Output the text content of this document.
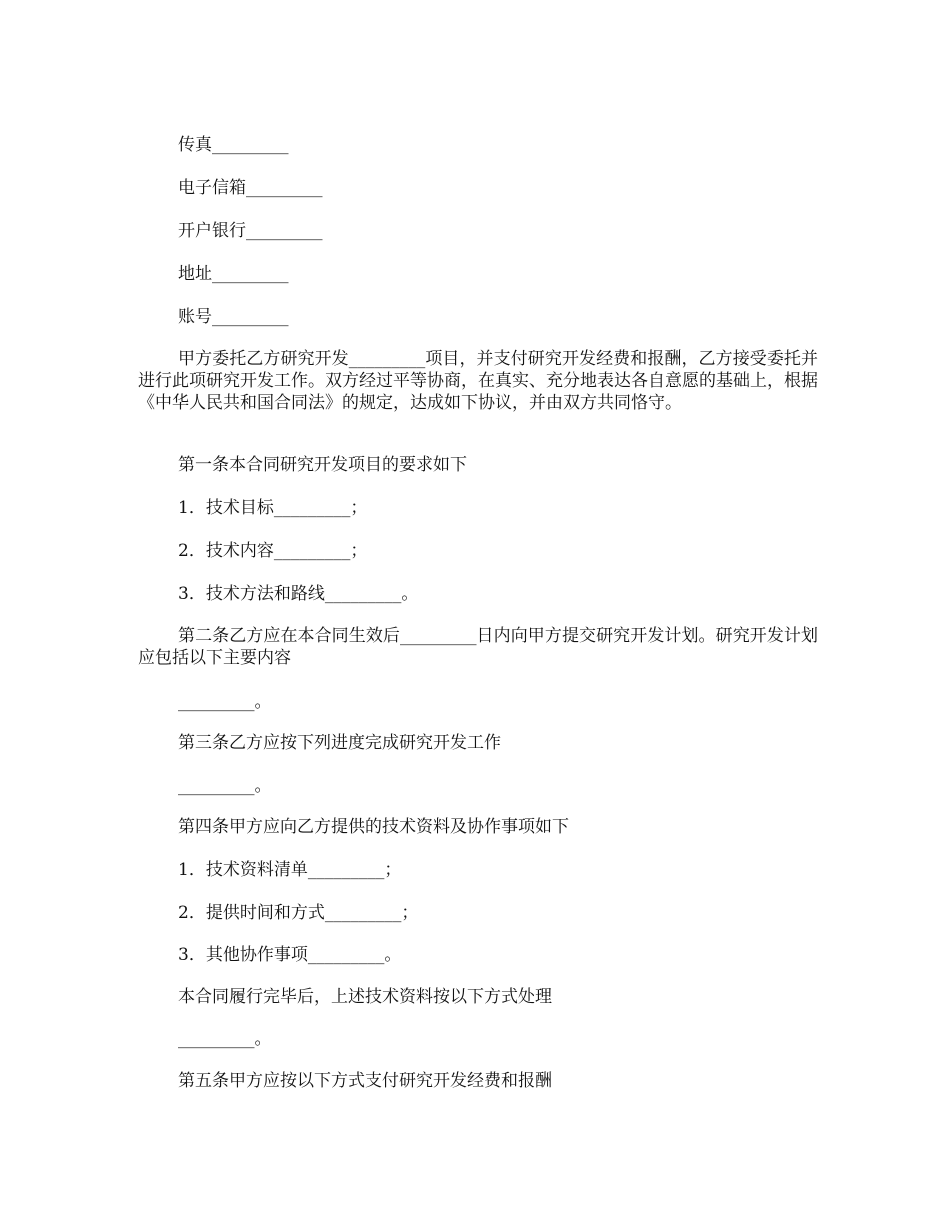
传真_________
电子信箱_________
开户银行_________
地址_________
账号_________
甲方委托乙方研究开发_________项目，并支付研究开发经费和报酬，乙方接受委托并进行此项研究开发工作。双方经过平等协商，在真实、充分地表达各自意愿的基础上，根据《中华人民共和国合同法》的规定，达成如下协议，并由双方共同恪守。
第一条本合同研究开发项目的要求如下
1．技术目标_________；
2．技术内容_________；
3．技术方法和路线_________。
第二条乙方应在本合同生效后_________日内向甲方提交研究开发计划。研究开发计划应包括以下主要内容
_________。
第三条乙方应按下列进度完成研究开发工作
_________。
第四条甲方应向乙方提供的技术资料及协作事项如下
1．技术资料清单_________；
2．提供时间和方式_________；
3．其他协作事项_________。
本合同履行完毕后，上述技术资料按以下方式处理
_________。
第五条甲方应按以下方式支付研究开发经费和报酬
